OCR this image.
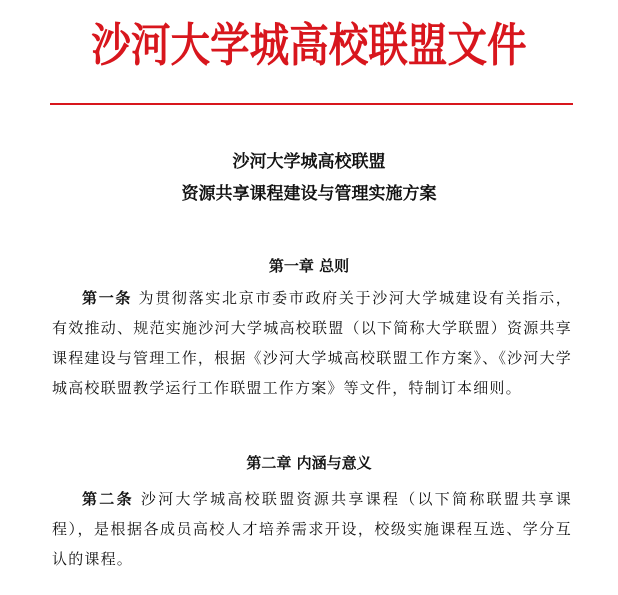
沙河大学城高校联盟文件
沙河大学城高校联盟
资源共享课程建设与管理实施方案
第一章 总则
第一条 为贯彻落实北京市委市政府关于沙河大学城建设有关指示，有效推动、规范实施沙河大学城高校联盟（以下简称大学联盟）资源共享课程建设与管理工作，根据《沙河大学城高校联盟工作方案》、《沙河大学城高校联盟教学运行工作联盟工作方案》等文件，特制订本细则。
第二章 内涵与意义
第二条 沙河大学城高校联盟资源共享课程（以下简称联盟共享课程），是根据各成员高校人才培养需求开设，校级实施课程互选、学分互认的课程。
